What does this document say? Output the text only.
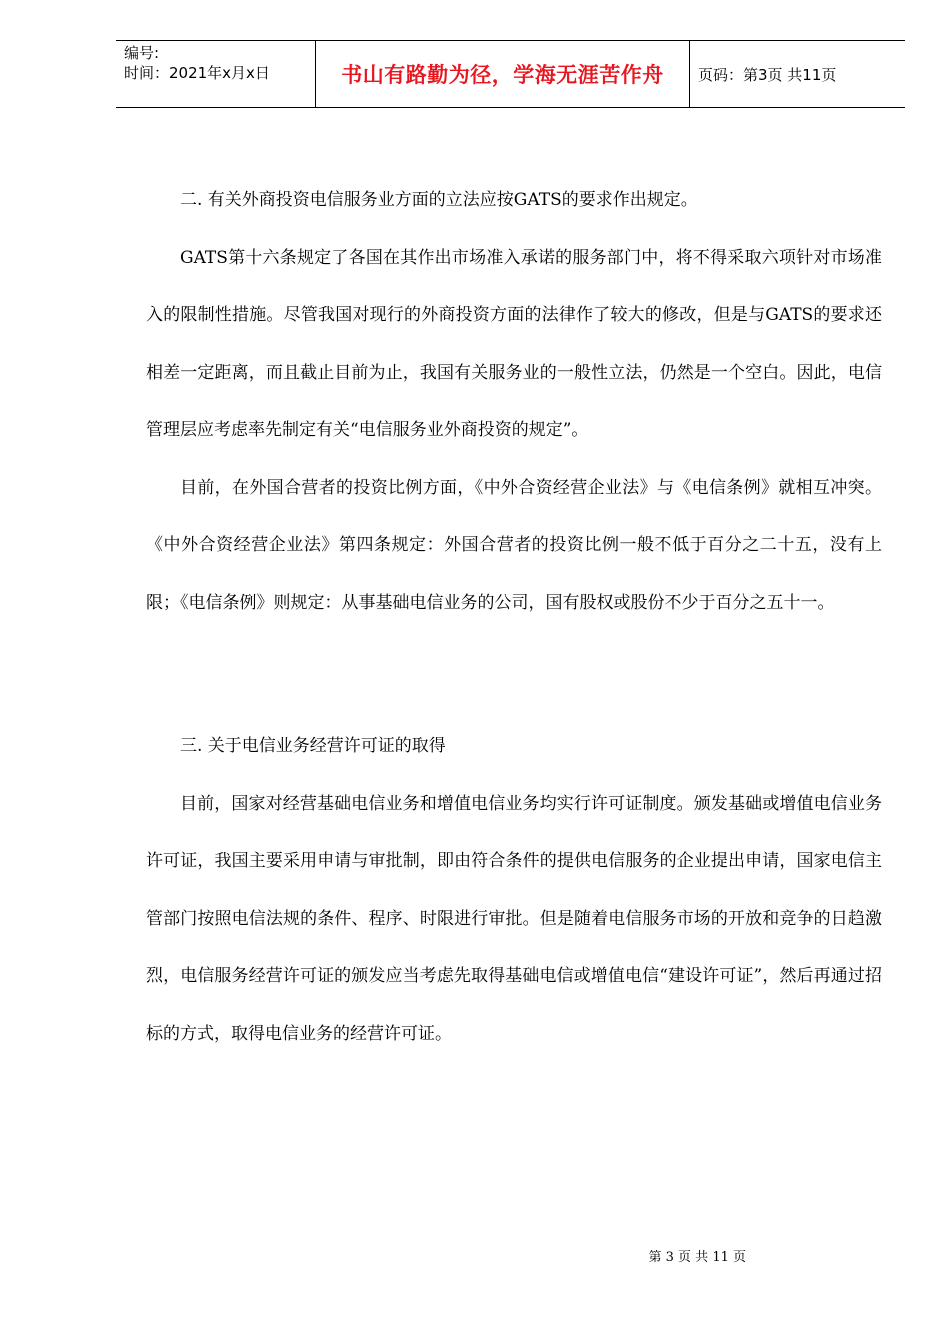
编号:
时间：2021年x月x日	书山有路勤为径，学海无涯苦作舟	页码：第3页 共11页

二. 有关外商投资电信服务业方面的立法应按GATS的要求作出规定。

GATS第十六条规定了各国在其作出市场准入承诺的服务部门中，将不得采取六项针对市场准入的限制性措施。尽管我国对现行的外商投资方面的法律作了较大的修改，但是与GATS的要求还相差一定距离，而且截止目前为止，我国有关服务业的一般性立法，仍然是一个空白。因此，电信管理层应考虑率先制定有关“电信服务业外商投资的规定”。

目前，在外国合营者的投资比例方面，《中外合资经营企业法》与《电信条例》就相互冲突。《中外合资经营企业法》第四条规定：外国合营者的投资比例一般不低于百分之二十五，没有上限；《电信条例》则规定：从事基础电信业务的公司，国有股权或股份不少于百分之五十一。

三. 关于电信业务经营许可证的取得

目前，国家对经营基础电信业务和增值电信业务均实行许可证制度。颁发基础或增值电信业务许可证，我国主要采用申请与审批制，即由符合条件的提供电信服务的企业提出申请，国家电信主管部门按照电信法规的条件、程序、时限进行审批。但是随着电信服务市场的开放和竞争的日趋激烈，电信服务经营许可证的颁发应当考虑先取得基础电信或增值电信“建设许可证”，然后再通过招标的方式，取得电信业务的经营许可证。

第 3 页 共 11 页
